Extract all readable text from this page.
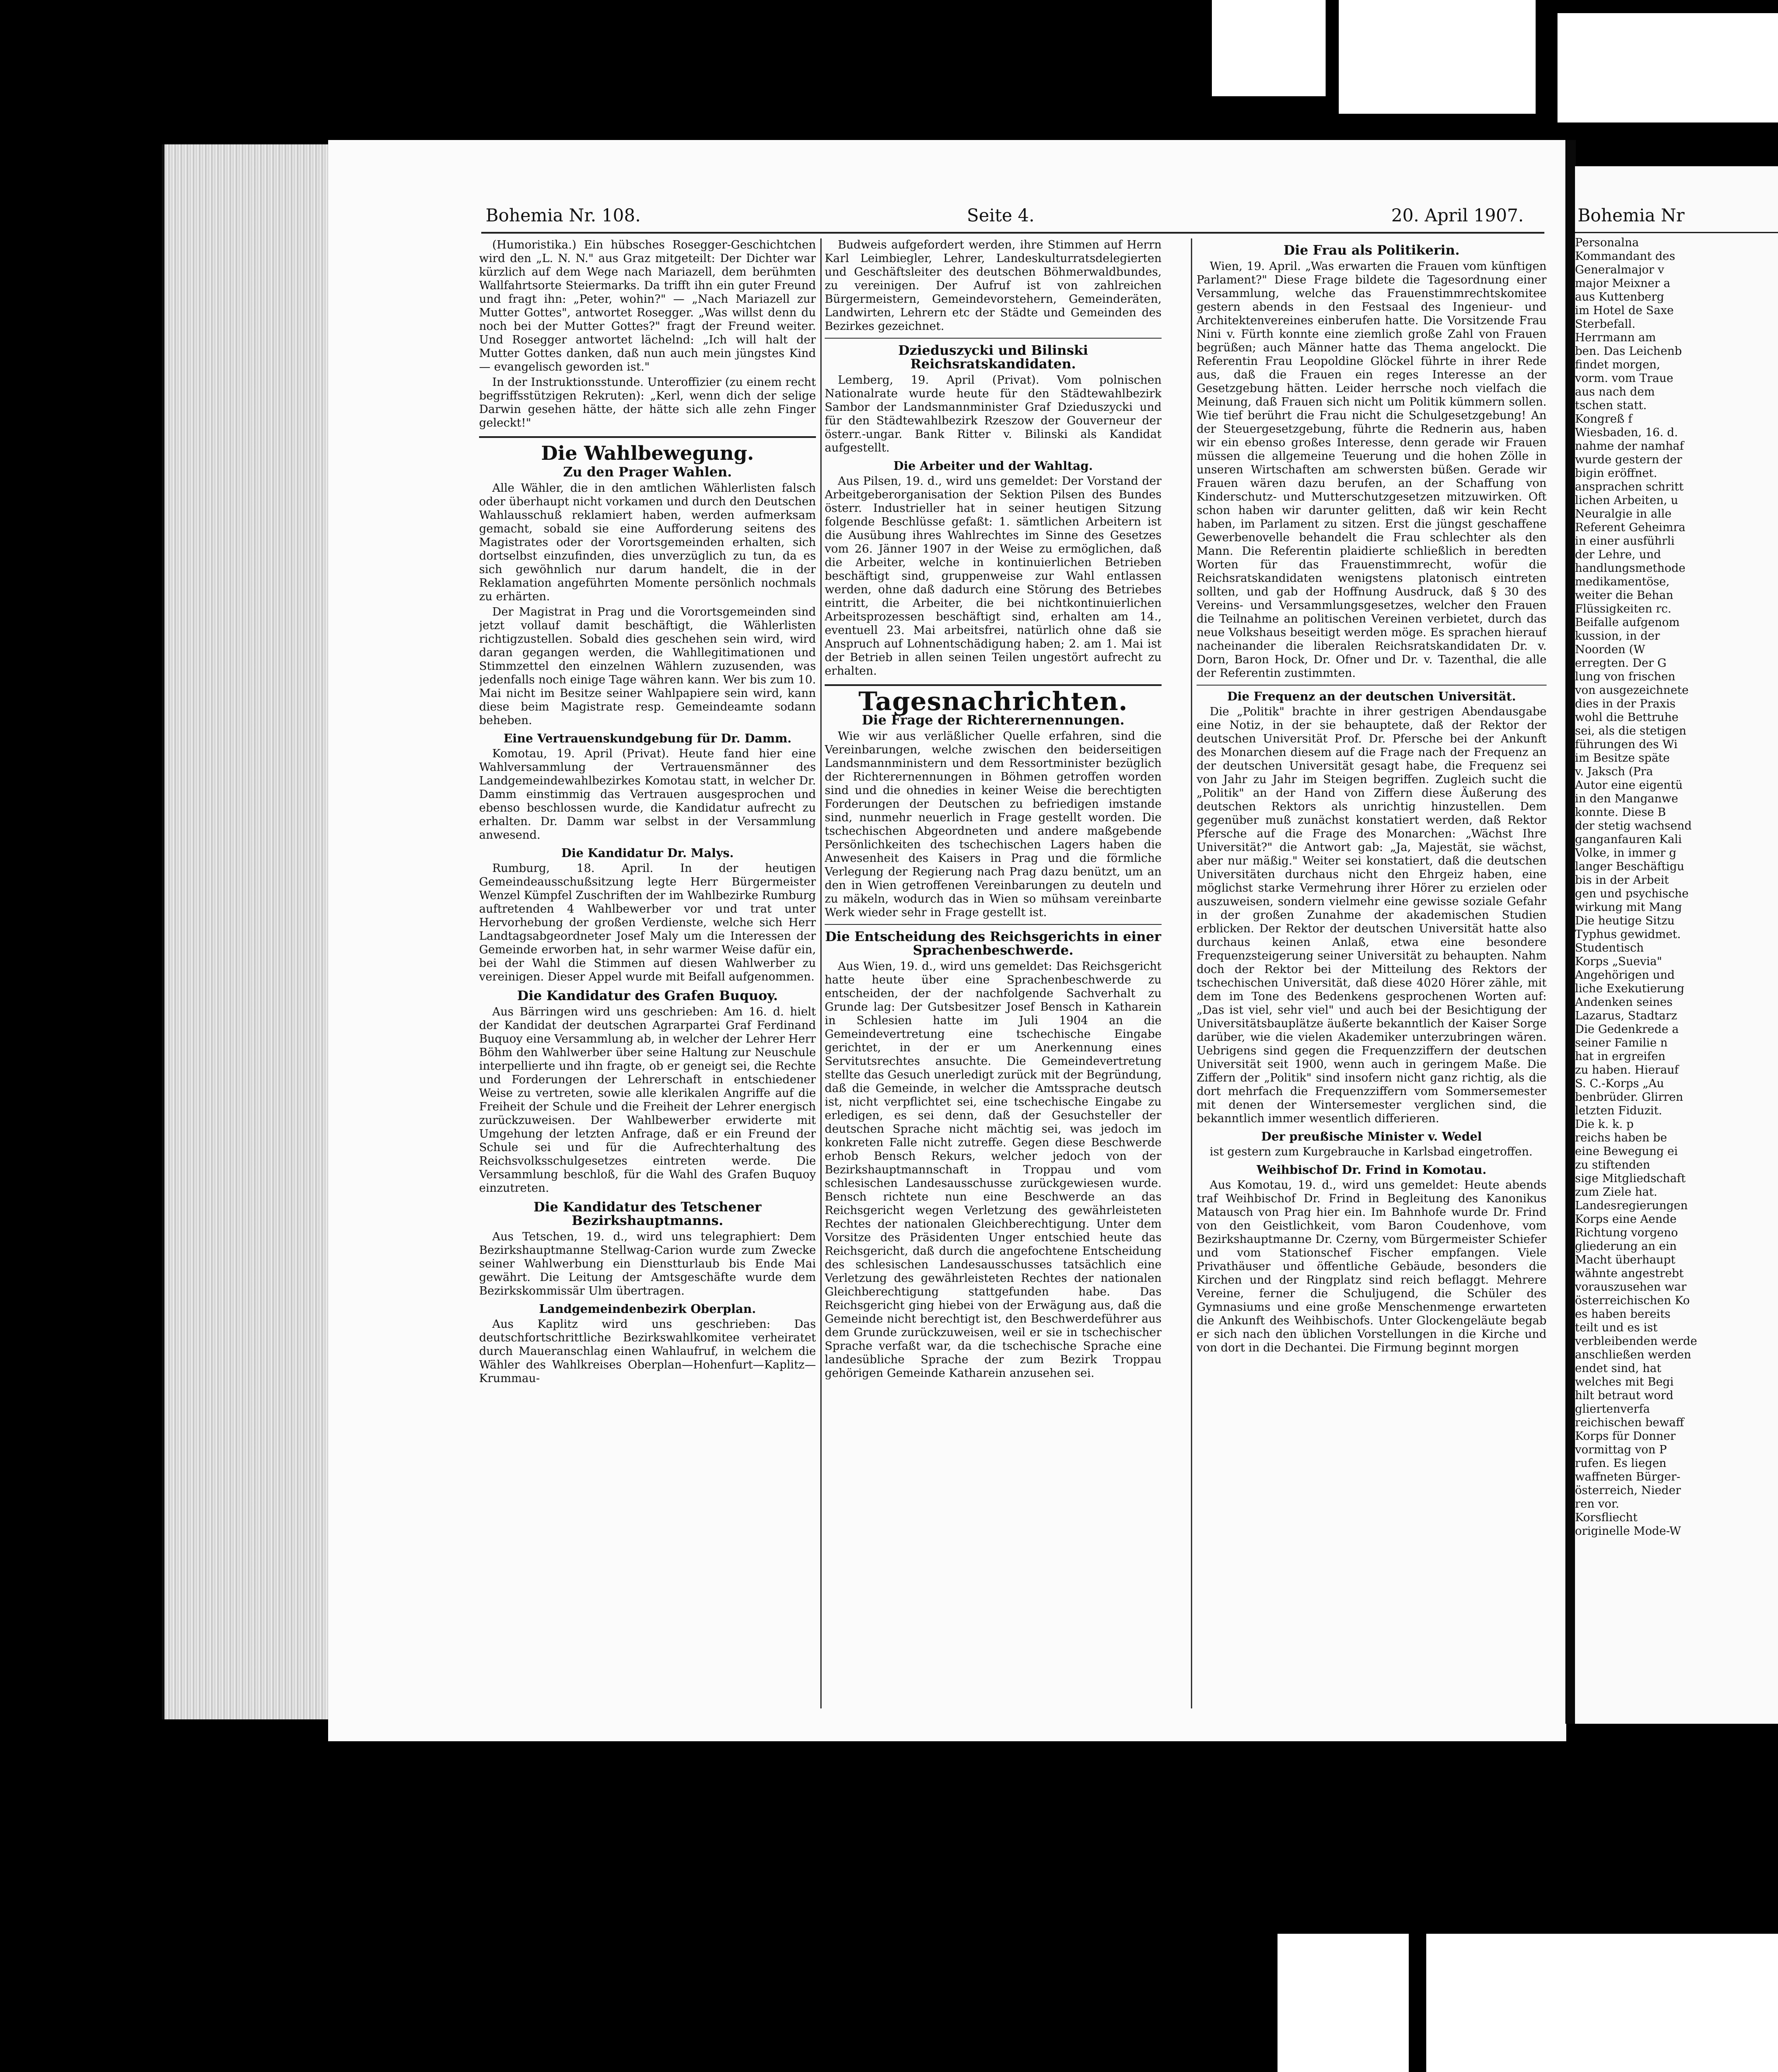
Bohemia Nr. 108.	Seite 4.	20. April 1907.

(Humoristika.) Ein hübsches Rosegger-Geschichtchen wird den „L. N. N." aus Graz mitgeteilt: Der Dichter war kürzlich auf dem Wege nach Mariazell, dem berühmten Wallfahrtsorte Steiermarks. Da trifft ihn ein guter Freund und fragt ihn: „Peter, wohin?" — „Nach Mariazell zur Mutter Gottes", antwortet Rosegger. „Was willst denn du noch bei der Mutter Gottes?" fragt der Freund weiter. Und Rosegger antwortet lächelnd: „Ich will halt der Mutter Gottes danken, daß nun auch mein jüngstes Kind — evangelisch geworden ist."

In der Instruktionsstunde. Unteroffizier (zu einem recht begriffsstützigen Rekruten): „Kerl, wenn dich der selige Darwin gesehen hätte, der hätte sich alle zehn Finger geleckt!"

Die Wahlbewegung.
Zu den Prager Wahlen.

Alle Wähler, die in den amtlichen Wählerlisten falsch oder überhaupt nicht vorkamen und durch den Deutschen Wahlausschuß reklamiert haben, werden aufmerksam gemacht, sobald sie eine Aufforderung seitens des Magistrates oder der Vorortsgemeinden erhalten, sich dortselbst einzufinden, dies unverzüglich zu tun, da es sich gewöhnlich nur darum handelt, die in der Reklamation angeführten Momente persönlich nochmals zu erhärten.

Der Magistrat in Prag und die Vorortsgemeinden sind jetzt vollauf damit beschäftigt, die Wählerlisten richtigzustellen. Sobald dies geschehen sein wird, wird daran gegangen werden, die Wahllegitimationen und Stimmzettel den einzelnen Wählern zuzusenden, was jedenfalls noch einige Tage währen kann. Wer bis zum 10. Mai nicht im Besitze seiner Wahlpapiere sein wird, kann diese beim Magistrate resp. Gemeindeamte sodann beheben.

Eine Vertrauenskundgebung für Dr. Damm.

Komotau, 19. April (Privat). Heute fand hier eine Wahlversammlung der Vertrauensmänner des Landgemeindewahlbezirkes Komotau statt, in welcher Dr. Damm einstimmig das Vertrauen ausgesprochen und ebenso beschlossen wurde, die Kandidatur aufrecht zu erhalten. Dr. Damm war selbst in der Versammlung anwesend.

Die Kandidatur Dr. Malys.

Rumburg, 18. April. In der heutigen Gemeindeausschußsitzung legte Herr Bürgermeister Wenzel Kümpfel Zuschriften der im Wahlbezirke Rumburg auftretenden 4 Wahlbewerber vor und trat unter Hervorhebung der großen Verdienste, welche sich Herr Landtagsabgeordneter Josef Maly um die Interessen der Gemeinde erworben hat, in sehr warmer Weise dafür ein, bei der Wahl die Stimmen auf diesen Wahlwerber zu vereinigen. Dieser Appel wurde mit Beifall aufgenommen.

Die Kandidatur des Grafen Buquoy.

Aus Bärringen wird uns geschrieben: Am 16. d. hielt der Kandidat der deutschen Agrarpartei Graf Ferdinand Buquoy eine Versammlung ab, in welcher der Lehrer Herr Böhm den Wahlwerber über seine Haltung zur Neuschule interpellierte und ihn fragte, ob er geneigt sei, die Rechte und Forderungen der Lehrerschaft in entschiedener Weise zu vertreten, sowie alle klerikalen Angriffe auf die Freiheit der Schule und die Freiheit der Lehrer energisch zurückzuweisen. Der Wahlbewerber erwiderte mit Umgehung der letzten Anfrage, daß er ein Freund der Schule sei und für die Aufrechterhaltung des Reichsvolksschulgesetzes eintreten werde. Die Versammlung beschloß, für die Wahl des Grafen Buquoy einzutreten.

Die Kandidatur des Tetschener Bezirkshauptmanns.

Aus Tetschen, 19. d., wird uns telegraphiert: Dem Bezirkshauptmanne Stellwag-Carion wurde zum Zwecke seiner Wahlwerbung ein Dienstturlaub bis Ende Mai gewährt. Die Leitung der Amtsgeschäfte wurde dem Bezirkskommissär Ulm übertragen.

Landgemeindenbezirk Oberplan.

Aus Kaplitz wird uns geschrieben: Das deutschfortschrittliche Bezirkswahlkomitee verheiratet durch Maueranschlag einen Wahlaufruf, in welchem die Wähler des Wahlkreises Oberplan—Hohenfurt—Kaplitz—Krummau-

Budweis aufgefordert werden, ihre Stimmen auf Herrn Karl Leimbiegler, Lehrer, Landeskulturratsdelegierten und Geschäftsleiter des deutschen Böhmerwaldbundes, zu vereinigen. Der Aufruf ist von zahlreichen Bürgermeistern, Gemeindevorstehern, Gemeinderäten, Landwirten, Lehrern etc der Städte und Gemeinden des Bezirkes gezeichnet.

Dzieduszycki und Bilinski Reichsratskandidaten.

Lemberg, 19. April (Privat). Vom polnischen Nationalrate wurde heute für den Städtewahlbezirk Sambor der Landsmannminister Graf Dzieduszycki und für den Städtewahlbezirk Rzeszow der Gouverneur der österr.-ungar. Bank Ritter v. Bilinski als Kandidat aufgestellt.

Die Arbeiter und der Wahltag.

Aus Pilsen, 19. d., wird uns gemeldet: Der Vorstand der Arbeitgeberorganisation der Sektion Pilsen des Bundes österr. Industrieller hat in seiner heutigen Sitzung folgende Beschlüsse gefaßt: 1. sämtlichen Arbeitern ist die Ausübung ihres Wahlrechtes im Sinne des Gesetzes vom 26. Jänner 1907 in der Weise zu ermöglichen, daß die Arbeiter, welche in kontinuierlichen Betrieben beschäftigt sind, gruppenweise zur Wahl entlassen werden, ohne daß dadurch eine Störung des Betriebes eintritt, die Arbeiter, die bei nichtkontinuierlichen Arbeitsprozessen beschäftigt sind, erhalten am 14., eventuell 23. Mai arbeitsfrei, natürlich ohne daß sie Anspruch auf Lohnentschädigung haben; 2. am 1. Mai ist der Betrieb in allen seinen Teilen ungestört aufrecht zu erhalten.

Tagesnachrichten.
Die Frage der Richterernennungen.

Wie wir aus verläßlicher Quelle erfahren, sind die Vereinbarungen, welche zwischen den beiderseitigen Landsmannministern und dem Ressortminister bezüglich der Richterernennungen in Böhmen getroffen worden sind und die ohnedies in keiner Weise die berechtigten Forderungen der Deutschen zu befriedigen imstande sind, nunmehr neuerlich in Frage gestellt worden. Die tschechischen Abgeordneten und andere maßgebende Persönlichkeiten des tschechischen Lagers haben die Anwesenheit des Kaisers in Prag und die förmliche Verlegung der Regierung nach Prag dazu benützt, um an den in Wien getroffenen Vereinbarungen zu deuteln und zu mäkeln, wodurch das in Wien so mühsam vereinbarte Werk wieder sehr in Frage gestellt ist.

Die Entscheidung des Reichsgerichts in einer Sprachenbeschwerde.

Aus Wien, 19. d., wird uns gemeldet: Das Reichsgericht hatte heute über eine Sprachenbeschwerde zu entscheiden, der der nachfolgende Sachverhalt zu Grunde lag: Der Gutsbesitzer Josef Bensch in Katharein in Schlesien hatte im Juli 1904 an die Gemeindevertretung eine tschechische Eingabe gerichtet, in der er um Anerkennung eines Servitutsrechtes ansuchte. Die Gemeindevertretung stellte das Gesuch unerledigt zurück mit der Begründung, daß die Gemeinde, in welcher die Amtssprache deutsch ist, nicht verpflichtet sei, eine tschechische Eingabe zu erledigen, es sei denn, daß der Gesuchsteller der deutschen Sprache nicht mächtig sei, was jedoch im konkreten Falle nicht zutreffe. Gegen diese Beschwerde erhob Bensch Rekurs, welcher jedoch von der Bezirkshauptmannschaft in Troppau und vom schlesischen Landesausschusse zurückgewiesen wurde. Bensch richtete nun eine Beschwerde an das Reichsgericht wegen Verletzung des gewährleisteten Rechtes der nationalen Gleichberechtigung. Unter dem Vorsitze des Präsidenten Unger entschied heute das Reichsgericht, daß durch die angefochtene Entscheidung des schlesischen Landesausschusses tatsächlich eine Verletzung des gewährleisteten Rechtes der nationalen Gleichberechtigung stattgefunden habe. Das Reichsgericht ging hiebei von der Erwägung aus, daß die Gemeinde nicht berechtigt ist, den Beschwerdeführer aus dem Grunde zurückzuweisen, weil er sie in tschechischer Sprache verfaßt war, da die tschechische Sprache eine landesübliche Sprache der zum Bezirk Troppau gehörigen Gemeinde Katharein anzusehen sei.

Die Frau als Politikerin.

Wien, 19. April. „Was erwarten die Frauen vom künftigen Parlament?" Diese Frage bildete die Tagesordnung einer Versammlung, welche das Frauenstimmrechtskomitee gestern abends in den Festsaal des Ingenieur- und Architektenvereines einberufen hatte. Die Vorsitzende Frau Nini v. Fürth konnte eine ziemlich große Zahl von Frauen begrüßen; auch Männer hatte das Thema angelockt. Die Referentin Frau Leopoldine Glöckel führte in ihrer Rede aus, daß die Frauen ein reges Interesse an der Gesetzgebung hätten. Leider herrsche noch vielfach die Meinung, daß Frauen sich nicht um Politik kümmern sollen. Wie tief berührt die Frau nicht die Schulgesetzgebung! An der Steuergesetzgebung, führte die Rednerin aus, haben wir ein ebenso großes Interesse, denn gerade wir Frauen müssen die allgemeine Teuerung und die hohen Zölle in unseren Wirtschaften am schwersten büßen. Gerade wir Frauen wären dazu berufen, an der Schaffung von Kinderschutz- und Mutterschutzgesetzen mitzuwirken. Oft schon haben wir darunter gelitten, daß wir kein Recht haben, im Parlament zu sitzen. Erst die jüngst geschaffene Gewerbenovelle behandelt die Frau schlechter als den Mann. Die Referentin plaidierte schließlich in beredten Worten für das Frauenstimmrecht, wofür die Reichsratskandidaten wenigstens platonisch eintreten sollten, und gab der Hoffnung Ausdruck, daß § 30 des Vereins- und Versammlungsgesetzes, welcher den Frauen die Teilnahme an politischen Vereinen verbietet, durch das neue Volkshaus beseitigt werden möge. Es sprachen hierauf nacheinander die liberalen Reichsratskandidaten Dr. v. Dorn, Baron Hock, Dr. Ofner und Dr. v. Tazenthal, die alle der Referentin zustimmten.

Die Frequenz an der deutschen Universität.

Die „Politik" brachte in ihrer gestrigen Abendausgabe eine Notiz, in der sie behauptete, daß der Rektor der deutschen Universität Prof. Dr. Pfersche bei der Ankunft des Monarchen diesem auf die Frage nach der Frequenz an der deutschen Universität gesagt habe, die Frequenz sei von Jahr zu Jahr im Steigen begriffen. Zugleich sucht die „Politik" an der Hand von Ziffern diese Äußerung des deutschen Rektors als unrichtig hinzustellen. Dem gegenüber muß zunächst konstatiert werden, daß Rektor Pfersche auf die Frage des Monarchen: „Wächst Ihre Universität?" die Antwort gab: „Ja, Majestät, sie wächst, aber nur mäßig." Weiter sei konstatiert, daß die deutschen Universitäten durchaus nicht den Ehrgeiz haben, eine möglichst starke Vermehrung ihrer Hörer zu erzielen oder auszuweisen, sondern vielmehr eine gewisse soziale Gefahr in der großen Zunahme der akademischen Studien erblicken. Der Rektor der deutschen Universität hatte also durchaus keinen Anlaß, etwa eine besondere Frequenzsteigerung seiner Universität zu behaupten. Nahm doch der Rektor bei der Mitteilung des Rektors der tschechischen Universität, daß diese 4020 Hörer zähle, mit dem im Tone des Bedenkens gesprochenen Worten auf: „Das ist viel, sehr viel" und auch bei der Besichtigung der Universitätsbauplätze äußerte bekanntlich der Kaiser Sorge darüber, wie die vielen Akademiker unterzubringen wären. Uebrigens sind gegen die Frequenzziffern der deutschen Universität seit 1900, wenn auch in geringem Maße. Die Ziffern der „Politik" sind insofern nicht ganz richtig, als die dort mehrfach die Frequenzziffern vom Sommersemester mit denen der Wintersemester verglichen sind, die bekanntlich immer wesentlich differieren.

Der preußische Minister v. Wedel

ist gestern zum Kurgebrauche in Karlsbad eingetroffen.

Weihbischof Dr. Frind in Komotau.

Aus Komotau, 19. d., wird uns gemeldet: Heute abends traf Weihbischof Dr. Frind in Begleitung des Kanonikus Matausch von Prag hier ein. Im Bahnhofe wurde Dr. Frind von den Geistlichkeit, vom Baron Coudenhove, vom Bezirkshauptmanne Dr. Czerny, vom Bürgermeister Schiefer und vom Stationschef Fischer empfangen. Viele Privathäuser und öffentliche Gebäude, besonders die Kirchen und der Ringplatz sind reich beflaggt. Mehrere Vereine, ferner die Schuljugend, die Schüler des Gymnasiums und eine große Menschenmenge erwarteten die Ankunft des Weihbischofs. Unter Glockengeläute begab er sich nach den üblichen Vorstellungen in die Kirche und von dort in die Dechantei. Die Firmung beginnt morgen

Bohemia Nr
Personalna
Kommandant des
Generalmajor v
major Meixner a
aus Kuttenberg
im Hotel de Saxe
Sterbefall.
Herrmann am
ben. Das Leichenb
findet morgen,
vorm. vom Traue
aus nach dem
tschen statt.
Kongreß f
Wiesbaden, 16. d.
nahme der namhaf
wurde gestern der
bigin eröffnet.
ansprachen schritt
lichen Arbeiten, u
Neuralgie in alle
Referent Geheimra
in einer ausführli
der Lehre, und
handlungsmethode
medikamentöse,
weiter die Behan
Flüssigkeiten rc.
Beifalle aufgenom
kussion, in der
Noorden (W
erregten. Der G
lung von frischen
von ausgezeichnete
dies in der Praxis
wohl die Bettruhe
sei, als die stetigen
führungen des Wi
im Besitze späte
v. Jaksch (Pra
Autor eine eigentü
in den Manganwe
konnte. Diese B
der stetig wachsend
ganganfauren Kali
Volke, in immer g
langer Beschäftigu
bis in der Arbeit
gen und psychische
wirkung mit Mang
Die heutige Sitzu
Typhus gewidmet.
Studentisch
Korps „Suevia"
Angehörigen und
liche Exekutierung
Andenken seines
Lazarus, Stadtarz
Die Gedenkrede a
seiner Familie n
hat in ergreifen
zu haben. Hierauf
S. C.-Korps „Au
benbrüder. Glirren
letzten Fiduzit.
Die k. k. p
reichs haben be
eine Bewegung ei
zu stiftenden
sige Mitgliedschaft
zum Ziele hat.
Landesregierungen
Korps eine Aende
Richtung vorgeno
gliederung an ein
Macht überhaupt
wähnte angestrebt
vorauszusehen war
österreichischen Ko
es haben bereits
teilt und es ist
verbleibenden werde
anschließen werden
endet sind, hat
welches mit Begi
hilt betraut word
gliertenverfa
reichischen bewaff
Korps für Donner
vormittag von P
rufen. Es liegen
waffneten Bürger-
österreich, Nieder
ren vor.
Korsfliecht
originelle Mode-W
